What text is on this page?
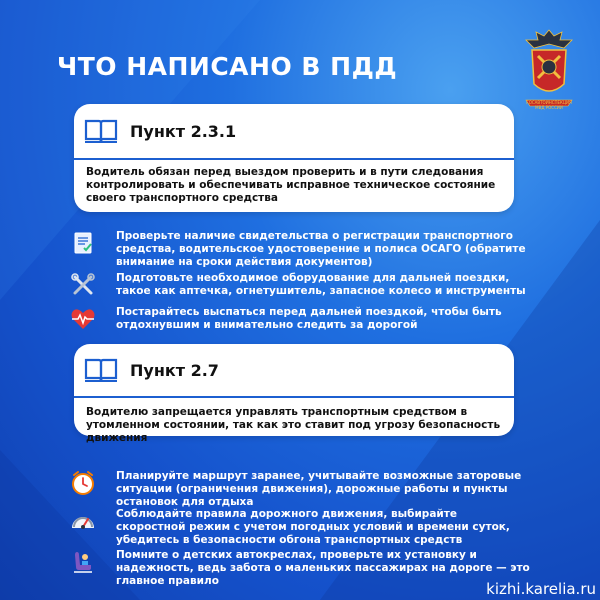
ЧТО НАПИСАНО В ПДД
ГОСАВТОИНСПЕКЦИЯ МВД РОССИИ
Пункт 2.3.1
Водитель обязан перед выездом проверить и в пути следования контролировать и обеспечивать исправное техническое состояние своего транспортного средства
Проверьте наличие свидетельства о регистрации транспортного средства, водительское удостоверение и полиса ОСАГО (обратите внимание на сроки действия документов)
Подготовьте необходимое оборудование для дальней поездки, такое как аптечка, огнетушитель, запасное колесо и инструменты
Постарайтесь выспаться перед дальней поездкой, чтобы быть отдохнувшим и внимательно следить за дорогой
Пункт 2.7
Водителю запрещается управлять транспортным средством в утомленном состоянии, так как это ставит под угрозу безопасность движения
Планируйте маршрут заранее, учитывайте возможные заторовые ситуации (ограничения движения), дорожные работы и пункты остановок для отдыха
Соблюдайте правила дорожного движения, выбирайте скоростной режим с учетом погодных условий и времени суток, убедитесь в безопасности обгона транспортных средств
Помните о детских автокреслах, проверьте их установку и надежность, ведь забота о маленьких пассажирах на дороге — это главное правило	kizhi.karelia.ru
